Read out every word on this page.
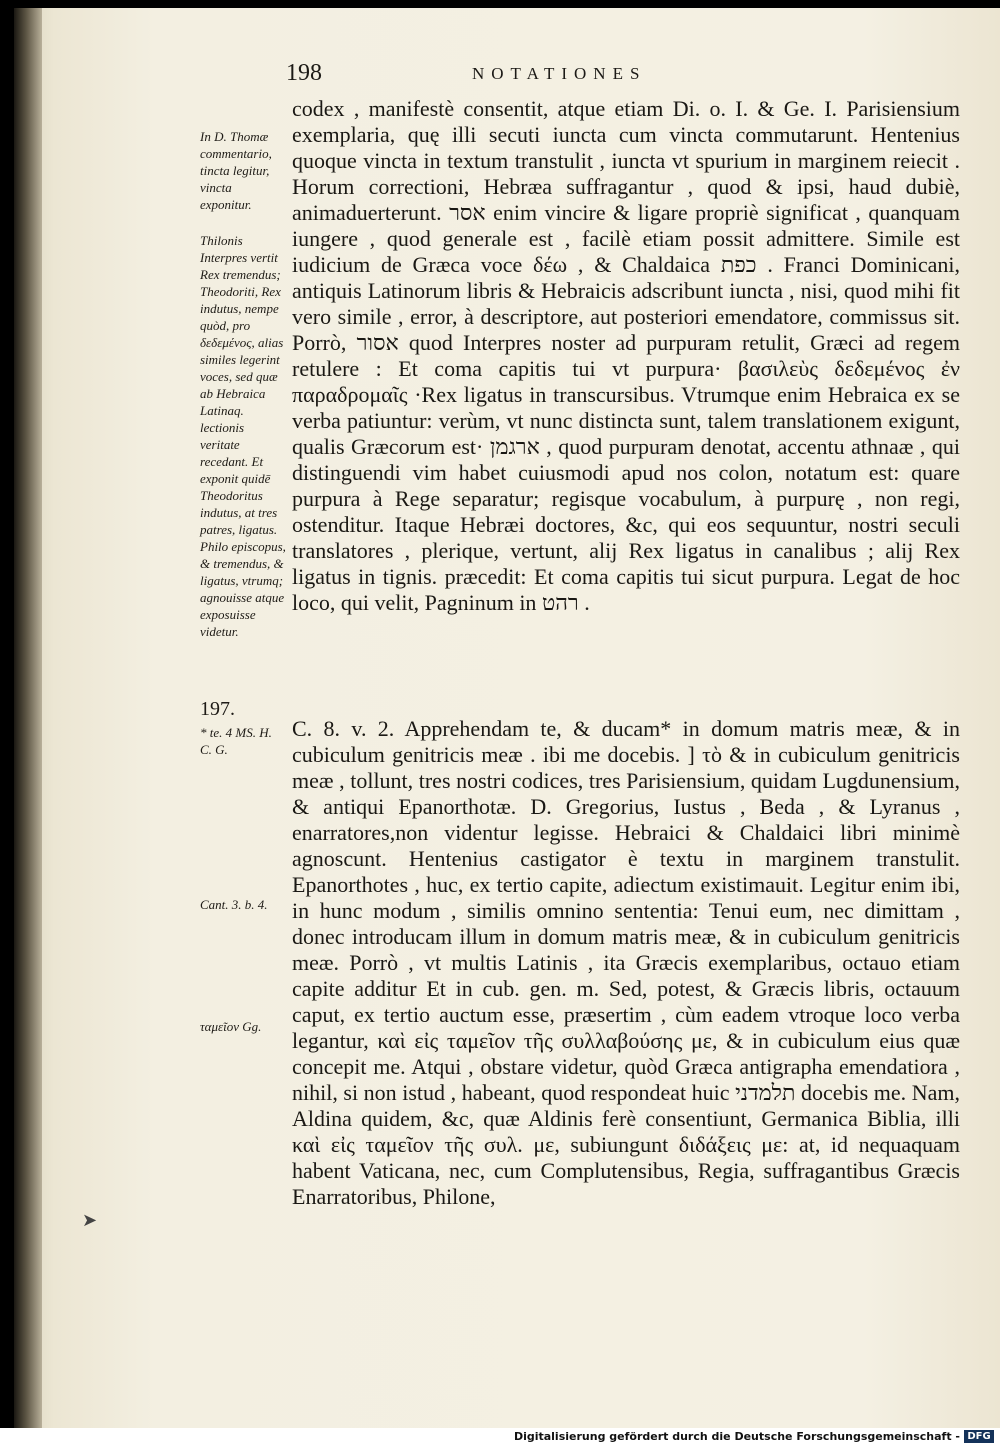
198	NOTATIONES
In D. Thomæ commentario, tincta legitur, vincta exponitur.
Thilonis Interpres vertit Rex tremendus; Theodoriti, Rex indutus, nempe quòd, pro δεδεμένος, alias similes legerint voces, sed quæ ab Hebraica Latinaq. lectionis veritate recedant. Et exponit quidē Theodoritus indutus, at tres patres, ligatus. Philo episcopus, & tremendus, & ligatus, vtrumq; agnouisse atque exposuisse videtur.
197.
* te. 4 MS. H. C. G.
Cant. 3. b. 4.
ταμεῖον Gg.

codex , manifestè consentit, atque etiam Di. o. I. & Ge. I. Parisiensium exemplaria, quę illi secuti iuncta cum vincta commutarunt. Hentenius quoque vincta in textum transtulit , iuncta vt spurium in marginem reiecit . Horum correctioni, Hebræa suffragantur , quod & ipsi, haud dubiè, animaduerterunt. אסר enim vincire & ligare propriè significat , quanquam iungere , quod generale est , facilè etiam possit admittere. Simile est iudicium de Græca voce δέω , & Chaldaica כפת . Franci Dominicani, antiquis Latinorum libris & Hebraicis adscribunt iuncta , nisi, quod mihi fit vero simile , error, à descriptore, aut posteriori emendatore, commissus sit. Porrò, אסור quod Interpres noster ad purpuram retulit, Græci ad regem retulere : Et coma capitis tui vt purpura· βασιλεὺς δεδεμένος ἐν παραδρομαῖς ·Rex ligatus in transcursibus. Vtrumque enim Hebraica ex se verba patiuntur: verùm, vt nunc distincta sunt, talem translationem exigunt, qualis Græcorum est· ארגמן , quod purpuram denotat, accentu athnaæ , qui distinguendi vim habet cuiusmodi apud nos colon, notatum est: quare purpura à Rege separatur; regisque vocabulum, à purpurę , non regi, ostenditur. Itaque Hebræi doctores, &c, qui eos sequuntur, nostri seculi translatores , plerique, vertunt, alij Rex ligatus in canalibus ; alij Rex ligatus in tignis. præcedit: Et coma capitis tui sicut purpura. Legat de hoc loco, qui velit, Pagninum in רהט .

C. 8. v. 2. Apprehendam te, & ducam* in domum matris meæ, & in cubiculum genitricis meæ . ibi me docebis. ] τὸ & in cubiculum genitricis meæ , tollunt, tres nostri codices, tres Parisiensium, quidam Lugdunensium, & antiqui Epanorthotæ. D. Gregorius, Iustus , Beda , & Lyranus , enarratores,non videntur legisse. Hebraici & Chaldaici libri minimè agnoscunt. Hentenius castigator è textu in marginem transtulit. Epanorthotes , huc, ex tertio capite, adiectum existimauit. Legitur enim ibi, in hunc modum , similis omnino sententia: Tenui eum, nec dimittam , donec introducam illum in domum matris meæ, & in cubiculum genitricis meæ. Porrò , vt multis Latinis , ita Græcis exemplaribus, octauo etiam capite additur Et in cub. gen. m. Sed, potest, & Græcis libris, octauum caput, ex tertio auctum esse, præsertim , cùm eadem vtroque loco verba legantur, καὶ εἰς ταμεῖον τῆς συλλαβούσης με, & in cubiculum eius quæ concepit me. Atqui , obstare videtur, quòd Græca antigrapha emendatiora , nihil, si non istud , habeant, quod respondeat huic תלמדני docebis me. Nam, Aldina quidem, &c, quæ Aldinis ferè consentiunt, Germanica Biblia, illi καὶ εἰς ταμεῖον τῆς συλ. με, subiungunt διδάξεις με: at, id nequaquam habent Vaticana, nec, cum Complutensibus, Regia, suffragantibus Græcis Enarratoribus, Philone,

➤
Digitalisierung gefördert durch die Deutsche Forschungsgemeinschaft - DFG
